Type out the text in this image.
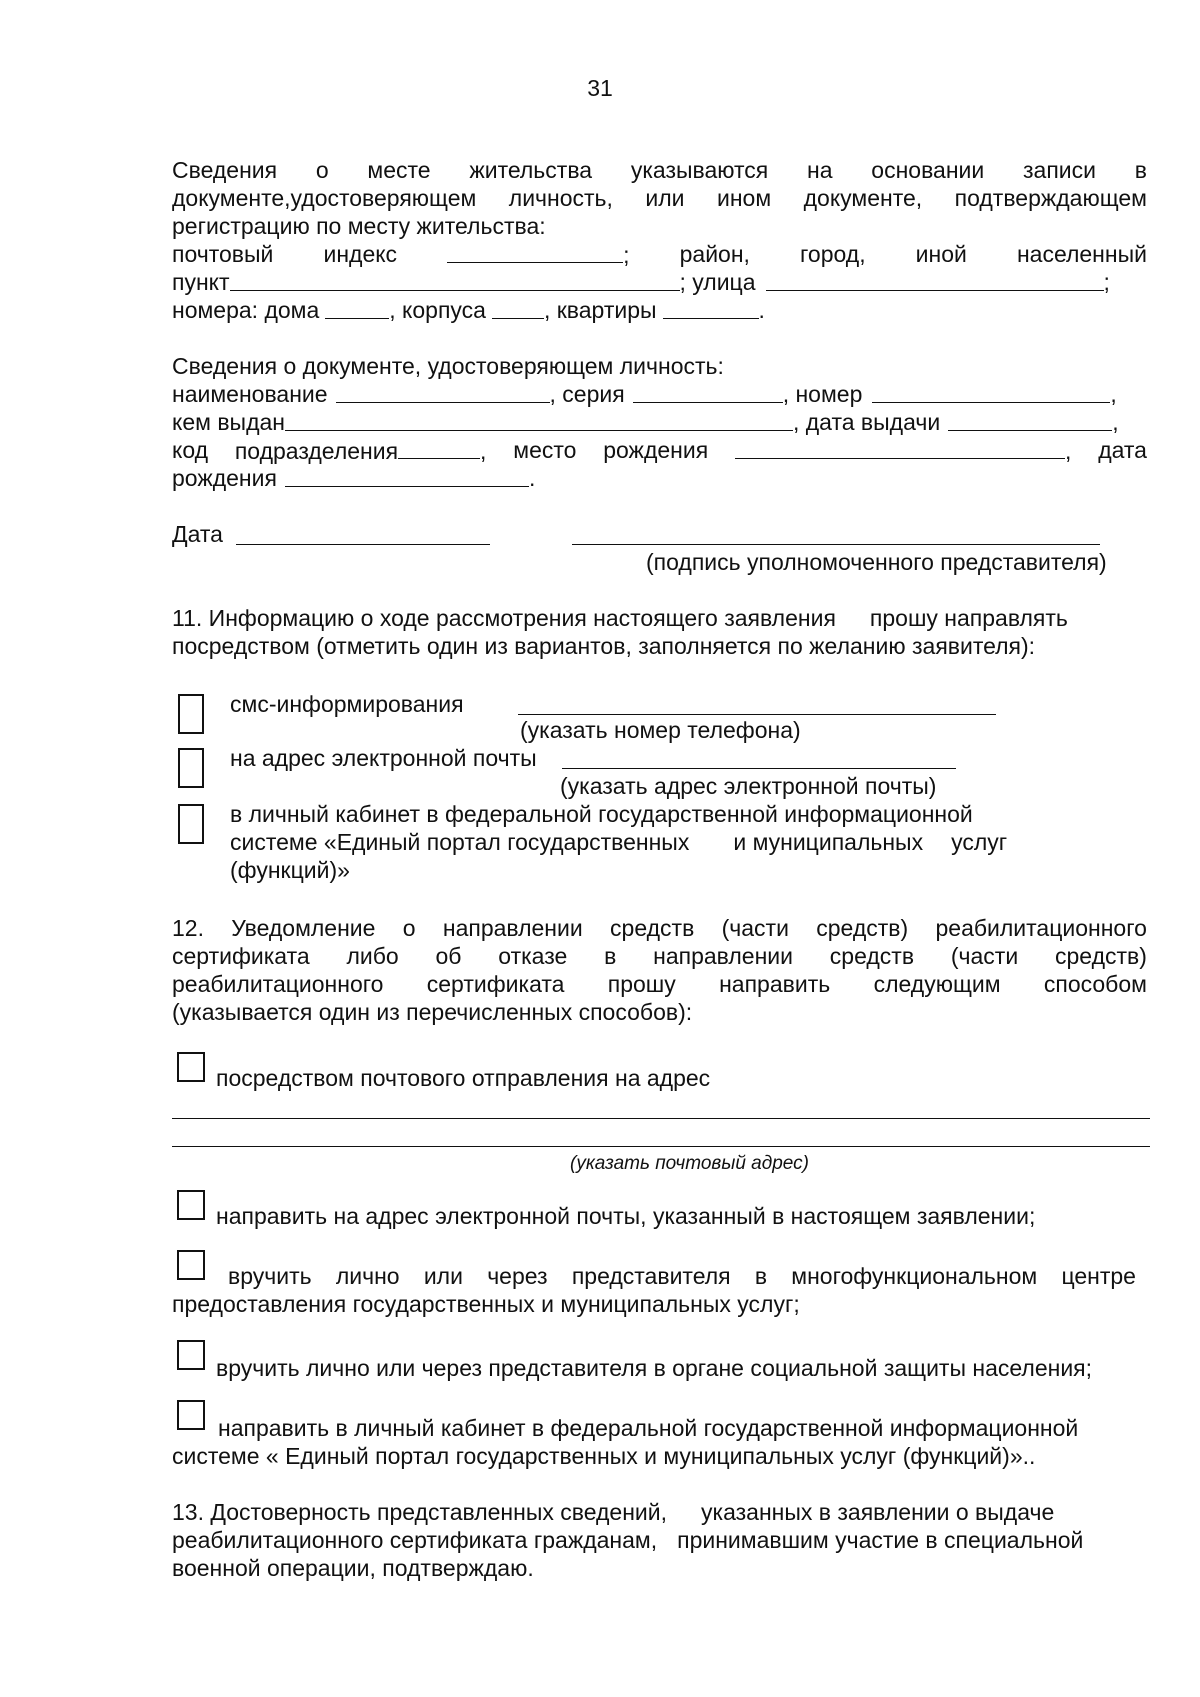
31
Сведения о месте жительства указываются на основании записи в
документе,удостоверяющем личность, или ином документе, подтверждающем
регистрацию по месту жительства:
почтовый индекс	; район, город, иной населенный
пункт	; улица	;
номера: дома	, корпуса	, квартиры	.
Сведения о документе, удостоверяющем личность:
наименование	, серия	, номер	,
кем выдан	, дата выдачи	,
код подразделения	, место рождения	, дата
рождения	.
Дата
(подпись уполномоченного представителя)
11. Информацию о ходе рассмотрения настоящего заявления прошу направлять
посредством (отметить один из вариантов, заполняется по желанию заявителя):
смс-информирования
(указать номер телефона)
на адрес электронной почты
(указать адрес электронной почты)
в личный кабинет в федеральной государственной информационной
системе «Единый портал государственных и муниципальных услуг
(функций)»
12. Уведомление о направлении средств (части средств) реабилитационного
сертификата либо об отказе в направлении средств (части средств)
реабилитационного сертификата прошу направить следующим способом
(указывается один из перечисленных способов):
посредством почтового отправления на адрес
(указать почтовый адрес)
направить на адрес электронной почты, указанный в настоящем заявлении;
вручить лично или через представителя в многофункциональном центре
предоставления государственных и муниципальных услуг;
вручить лично или через представителя в органе социальной защиты населения;
направить в личный кабинет в федеральной государственной информационной
системе « Единый портал государственных и муниципальных услуг (функций)»..
13. Достоверность представленных сведений, указанных в заявлении о выдаче
реабилитационного сертификата гражданам, принимавшим участие в специальной
военной операции, подтверждаю.
